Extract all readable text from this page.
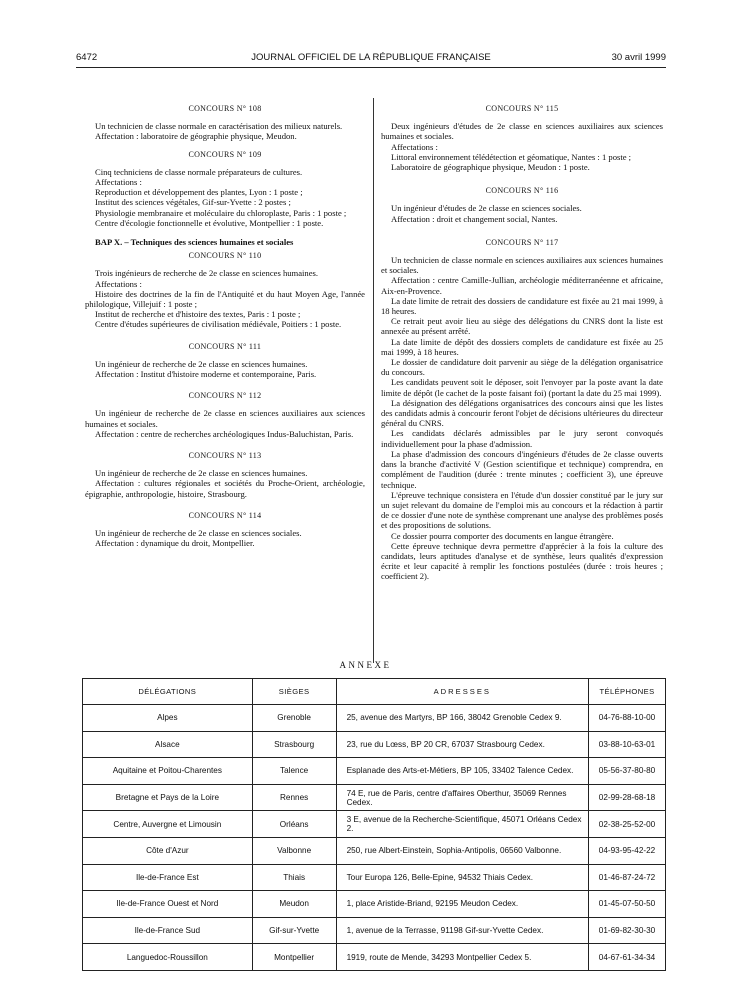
6472	JOURNAL OFFICIEL DE LA RÉPUBLIQUE FRANÇAISE	30 avril 1999
CONCOURS N° 108

Un technicien de classe normale en caractérisation des milieux naturels.

Affectation : laboratoire de géographie physique, Meudon.

CONCOURS N° 109

Cinq techniciens de classe normale préparateurs de cultures.

Affectations :

Reproduction et développement des plantes, Lyon : 1 poste ;

Institut des sciences végétales, Gif-sur-Yvette : 2 postes ;

Physiologie membranaire et moléculaire du chloroplaste, Paris : 1 poste ;

Centre d'écologie fonctionnelle et évolutive, Montpellier : 1 poste.

BAP X. – Techniques des sciences humaines et sociales

CONCOURS N° 110

Trois ingénieurs de recherche de 2e classe en sciences humaines.

Affectations :

Histoire des doctrines de la fin de l'Antiquité et du haut Moyen Age, l'année philologique, Villejuif : 1 poste ;

Institut de recherche et d'histoire des textes, Paris : 1 poste ;

Centre d'études supérieures de civilisation médiévale, Poitiers : 1 poste.

CONCOURS N° 111

Un ingénieur de recherche de 2e classe en sciences humaines.

Affectation : Institut d'histoire moderne et contemporaine, Paris.

CONCOURS N° 112

Un ingénieur de recherche de 2e classe en sciences auxiliaires aux sciences humaines et sociales.

Affectation : centre de recherches archéologiques Indus-Baluchistan, Paris.

CONCOURS N° 113

Un ingénieur de recherche de 2e classe en sciences humaines.

Affectation : cultures régionales et sociétés du Proche-Orient, archéologie, épigraphie, anthropologie, histoire, Strasbourg.

CONCOURS N° 114

Un ingénieur de recherche de 2e classe en sciences sociales.

Affectation : dynamique du droit, Montpellier.

CONCOURS N° 115

Deux ingénieurs d'études de 2e classe en sciences auxiliaires aux sciences humaines et sociales.

Affectations :

Littoral environnement télédétection et géomatique, Nantes : 1 poste ;

Laboratoire de géographique physique, Meudon : 1 poste.

CONCOURS N° 116

Un ingénieur d'études de 2e classe en sciences sociales.

Affectation : droit et changement social, Nantes.

CONCOURS N° 117

Un technicien de classe normale en sciences auxiliaires aux sciences humaines et sociales.

Affectation : centre Camille-Jullian, archéologie méditerranéenne et africaine, Aix-en-Provence.

La date limite de retrait des dossiers de candidature est fixée au 21 mai 1999, à 18 heures.

Ce retrait peut avoir lieu au siège des délégations du CNRS dont la liste est annexée au présent arrêté.

La date limite de dépôt des dossiers complets de candidature est fixée au 25 mai 1999, à 18 heures.

Le dossier de candidature doit parvenir au siège de la délégation organisatrice du concours.

Les candidats peuvent soit le déposer, soit l'envoyer par la poste avant la date limite de dépôt (le cachet de la poste faisant foi) (portant la date du 25 mai 1999).

La désignation des délégations organisatrices des concours ainsi que les listes des candidats admis à concourir feront l'objet de décisions ultérieures du directeur général du CNRS.

Les candidats déclarés admissibles par le jury seront convoqués individuellement pour la phase d'admission.

La phase d'admission des concours d'ingénieurs d'études de 2e classe ouverts dans la branche d'activité V (Gestion scientifique et technique) comprendra, en complément de l'audition (durée : trente minutes ; coefficient 3), une épreuve technique.

L'épreuve technique consistera en l'étude d'un dossier constitué par le jury sur un sujet relevant du domaine de l'emploi mis au concours et la rédaction à partir de ce dossier d'une note de synthèse comprenant une analyse des problèmes posés et des propositions de solutions.

Ce dossier pourra comporter des documents en langue étrangère.

Cette épreuve technique devra permettre d'apprécier à la fois la culture des candidats, leurs aptitudes d'analyse et de synthèse, leurs qualités d'expression écrite et leur capacité à remplir les fonctions postulées (durée : trois heures ; coefficient 2).

ANNEXE
DÉLÉGATIONS	SIÈGES	ADRESSES	TÉLÉPHONES
Alpes	Grenoble	25, avenue des Martyrs, BP 166, 38042 Grenoble Cedex 9.	04-76-88-10-00
Alsace	Strasbourg	23, rue du Lœss, BP 20 CR, 67037 Strasbourg Cedex.	03-88-10-63-01
Aquitaine et Poitou-Charentes	Talence	Esplanade des Arts-et-Métiers, BP 105, 33402 Talence Cedex.	05-56-37-80-80
Bretagne et Pays de la Loire	Rennes	74 E, rue de Paris, centre d'affaires Oberthur, 35069 Rennes Cedex.	02-99-28-68-18
Centre, Auvergne et Limousin	Orléans	3 E, avenue de la Recherche-Scientifique, 45071 Orléans Cedex 2.	02-38-25-52-00
Côte d'Azur	Valbonne	250, rue Albert-Einstein, Sophia-Antipolis, 06560 Valbonne.	04-93-95-42-22
Ile-de-France Est	Thiais	Tour Europa 126, Belle-Epine, 94532 Thiais Cedex.	01-46-87-24-72
Ile-de-France Ouest et Nord	Meudon	1, place Aristide-Briand, 92195 Meudon Cedex.	01-45-07-50-50
Ile-de-France Sud	Gif-sur-Yvette	1, avenue de la Terrasse, 91198 Gif-sur-Yvette Cedex.	01-69-82-30-30
Languedoc-Roussillon	Montpellier	1919, route de Mende, 34293 Montpellier Cedex 5.	04-67-61-34-34
